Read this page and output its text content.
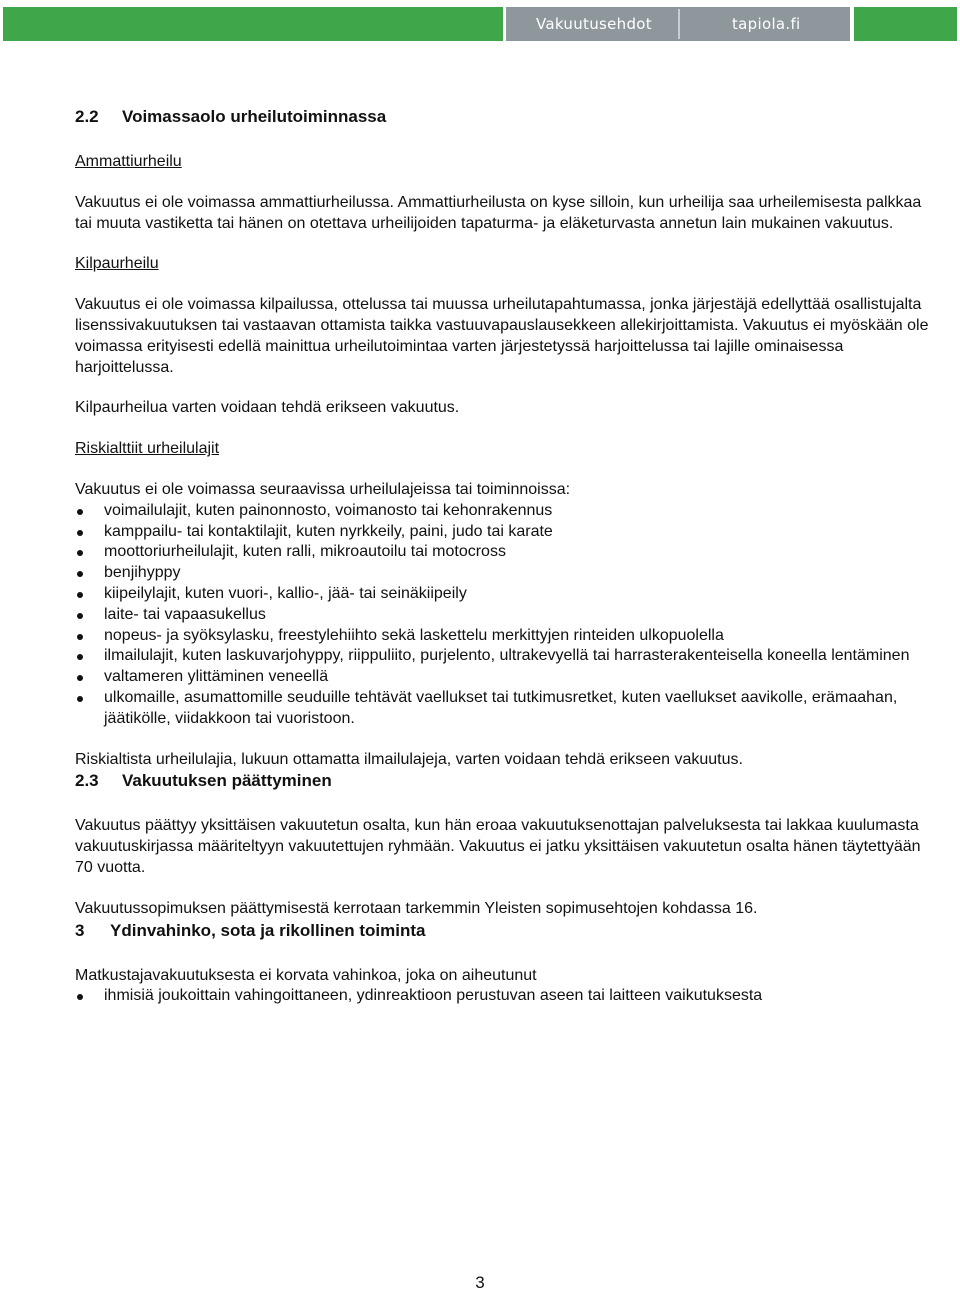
Vakuutusehdot	tapiola.fi
2.2	Voimassaolo urheilutoiminnassa

Ammattiurheilu

Vakuutus ei ole voimassa ammattiurheilussa. Ammattiurheilusta on kyse silloin, kun urheilija saa urheilemisesta palkkaa tai muuta vastiketta tai hänen on otettava urheilijoiden tapaturma- ja eläketurvasta annetun lain mukainen vakuutus.

Kilpaurheilu

Vakuutus ei ole voimassa kilpailussa, ottelussa tai muussa urheilutapahtumassa, jonka järjestäjä edellyttää osallistujalta lisenssivakuutuksen tai vastaavan ottamista taikka vastuuvapauslausekkeen allekirjoittamista. Vakuutus ei myöskään ole voimassa erityisesti edellä mainittua urheilutoimintaa varten järjestetyssä harjoittelussa tai lajille ominaisessa harjoittelussa.

Kilpaurheilua varten voidaan tehdä erikseen vakuutus.

Riskialttiit urheilulajit

Vakuutus ei ole voimassa seuraavissa urheilulajeissa tai toiminnoissa:

voimailulajit, kuten painonnosto, voimanosto tai kehonrakennus
kamppailu- tai kontaktilajit, kuten nyrkkeily, paini, judo tai karate
moottoriurheilulajit, kuten ralli, mikroautoilu tai motocross
benjihyppy
kiipeilylajit, kuten vuori-, kallio-, jää- tai seinäkiipeily
laite- tai vapaasukellus
nopeus- ja syöksylasku, freestylehiihto sekä laskettelu merkittyjen rinteiden ulkopuolella
ilmailulajit, kuten laskuvarjohyppy, riippuliito, purjelento, ultrakevyellä tai harrasterakenteisella koneella lentäminen
valtameren ylittäminen veneellä
ulkomaille, asumattomille seuduille tehtävät vaellukset tai tutkimusretket, kuten vaellukset aavikolle, erämaahan, jäätikölle, viidakkoon tai vuoristoon.

Riskialtista urheilulajia, lukuun ottamatta ilmailulajeja, varten voidaan tehdä erikseen vakuutus.

2.3	Vakuutuksen päättyminen

Vakuutus päättyy yksittäisen vakuutetun osalta, kun hän eroaa vakuutuksenottajan palveluksesta tai lakkaa kuulumasta vakuutuskirjassa määriteltyyn vakuutettujen ryhmään. Vakuutus ei jatku yksittäisen vakuutetun osalta hänen täytettyään 70 vuotta.

Vakuutussopimuksen päättymisestä kerrotaan tarkemmin Yleisten sopimusehtojen kohdassa 16.

3	Ydinvahinko, sota ja rikollinen toiminta

Matkustajavakuutuksesta ei korvata vahinkoa, joka on aiheutunut

ihmisiä joukoittain vahingoittaneen, ydinreaktioon perustuvan aseen tai laitteen vaikutuksesta
3
